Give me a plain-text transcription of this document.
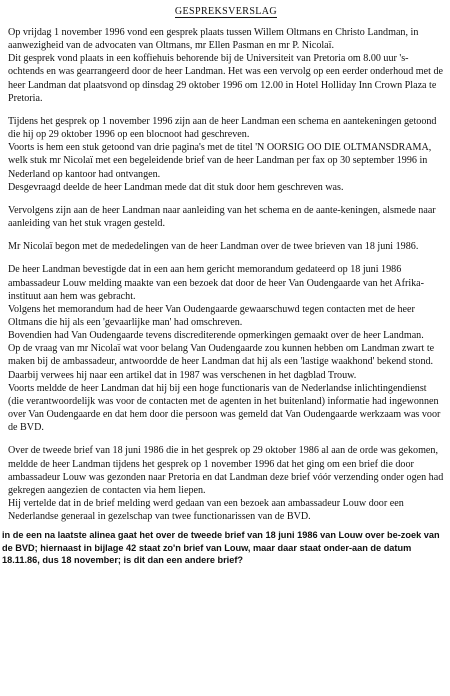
GESPREKSVERSLAG

Op vrijdag 1 november 1996 vond een gesprek plaats tussen Willem Oltmans en Christo Landman, in aanwezigheid van de advocaten van Oltmans, mr Ellen Pasman en mr P. Nicolaï.

Dit gesprek vond plaats in een koffiehuis behorende bij de Universiteit van Pretoria om 8.00 uur 's-ochtends en was gearrangeerd door de heer Landman. Het was een vervolg op een eerder onderhoud met de heer Landman dat plaatsvond op dinsdag 29 oktober 1996 om 12.00 in Hotel Holliday Inn Crown Plaza te Pretoria.

Tijdens het gesprek op 1 november 1996 zijn aan de heer Landman een schema en aantekeningen getoond die hij op 29 oktober 1996 op een blocnoot had geschreven.

Voorts is hem een stuk getoond van drie pagina's met de titel 'N OORSIG OO DIE OLTMANSDRAMA, welk stuk mr Nicolaï met een begeleidende brief van de heer Landman per fax op 30 september 1996 in Nederland op kantoor had ontvangen.

Desgevraagd deelde de heer Landman mede dat dit stuk door hem geschreven was.

Vervolgens zijn aan de heer Landman naar aanleiding van het schema en de aante-keningen, alsmede naar aanleiding van het stuk vragen gesteld.

Mr Nicolaï begon met de mededelingen van de heer Landman over de twee brieven van 18 juni 1986.

De heer Landman bevestigde dat in een aan hem gericht memorandum gedateerd op 18 juni 1986 ambassadeur Louw melding maakte van een bezoek dat door de heer Van Oudengaarde van het Afrika-instituut aan hem was gebracht.

Volgens het memorandum had de heer Van Oudengaarde gewaarschuwd tegen contacten met de heer Oltmans die hij als een 'gevaarlijke man' had omschreven.

Bovendien had Van Oudengaarde tevens discrediterende opmerkingen gemaakt over de heer Landman.

Op de vraag van mr Nicolaï wat voor belang Van Oudengaarde zou kunnen hebben om Landman zwart te maken bij de ambassadeur, antwoordde de heer Landman dat hij als een 'lastige waakhond' bekend stond. Daarbij verwees hij naar een artikel dat in 1987 was verschenen in het dagblad Trouw.

Voorts meldde de heer Landman dat hij bij een hoge functionaris van de Nederlandse inlichtingendienst (die verantwoordelijk was voor de contacten met de agenten in het buitenland) informatie had ingewonnen over Van Oudengaarde en dat hem door die persoon was gemeld dat Van Oudengaarde werkzaam was voor de BVD.

Over de tweede brief van 18 juni 1986 die in het gesprek op 29 oktober 1986 al aan de orde was gekomen, meldde de heer Landman tijdens het gesprek op 1 november 1996 dat het ging om een brief die door ambassadeur Louw was gezonden naar Pretoria en dat Landman deze brief vóór verzending onder ogen had gekregen aangezien de contacten via hem liepen.

Hij vertelde dat in de brief melding werd gedaan van een bezoek aan ambassadeur Louw door een Nederlandse generaal in gezelschap van twee functionarissen van de BVD.

in de een na laatste alinea gaat het over de tweede brief van 18 juni 1986 van Louw over be-zoek van de BVD; hiernaast in bijlage 42 staat zo'n brief van Louw, maar daar staat onder-aan de datum 18.11.86, dus 18 november; is dit dan een andere brief?
